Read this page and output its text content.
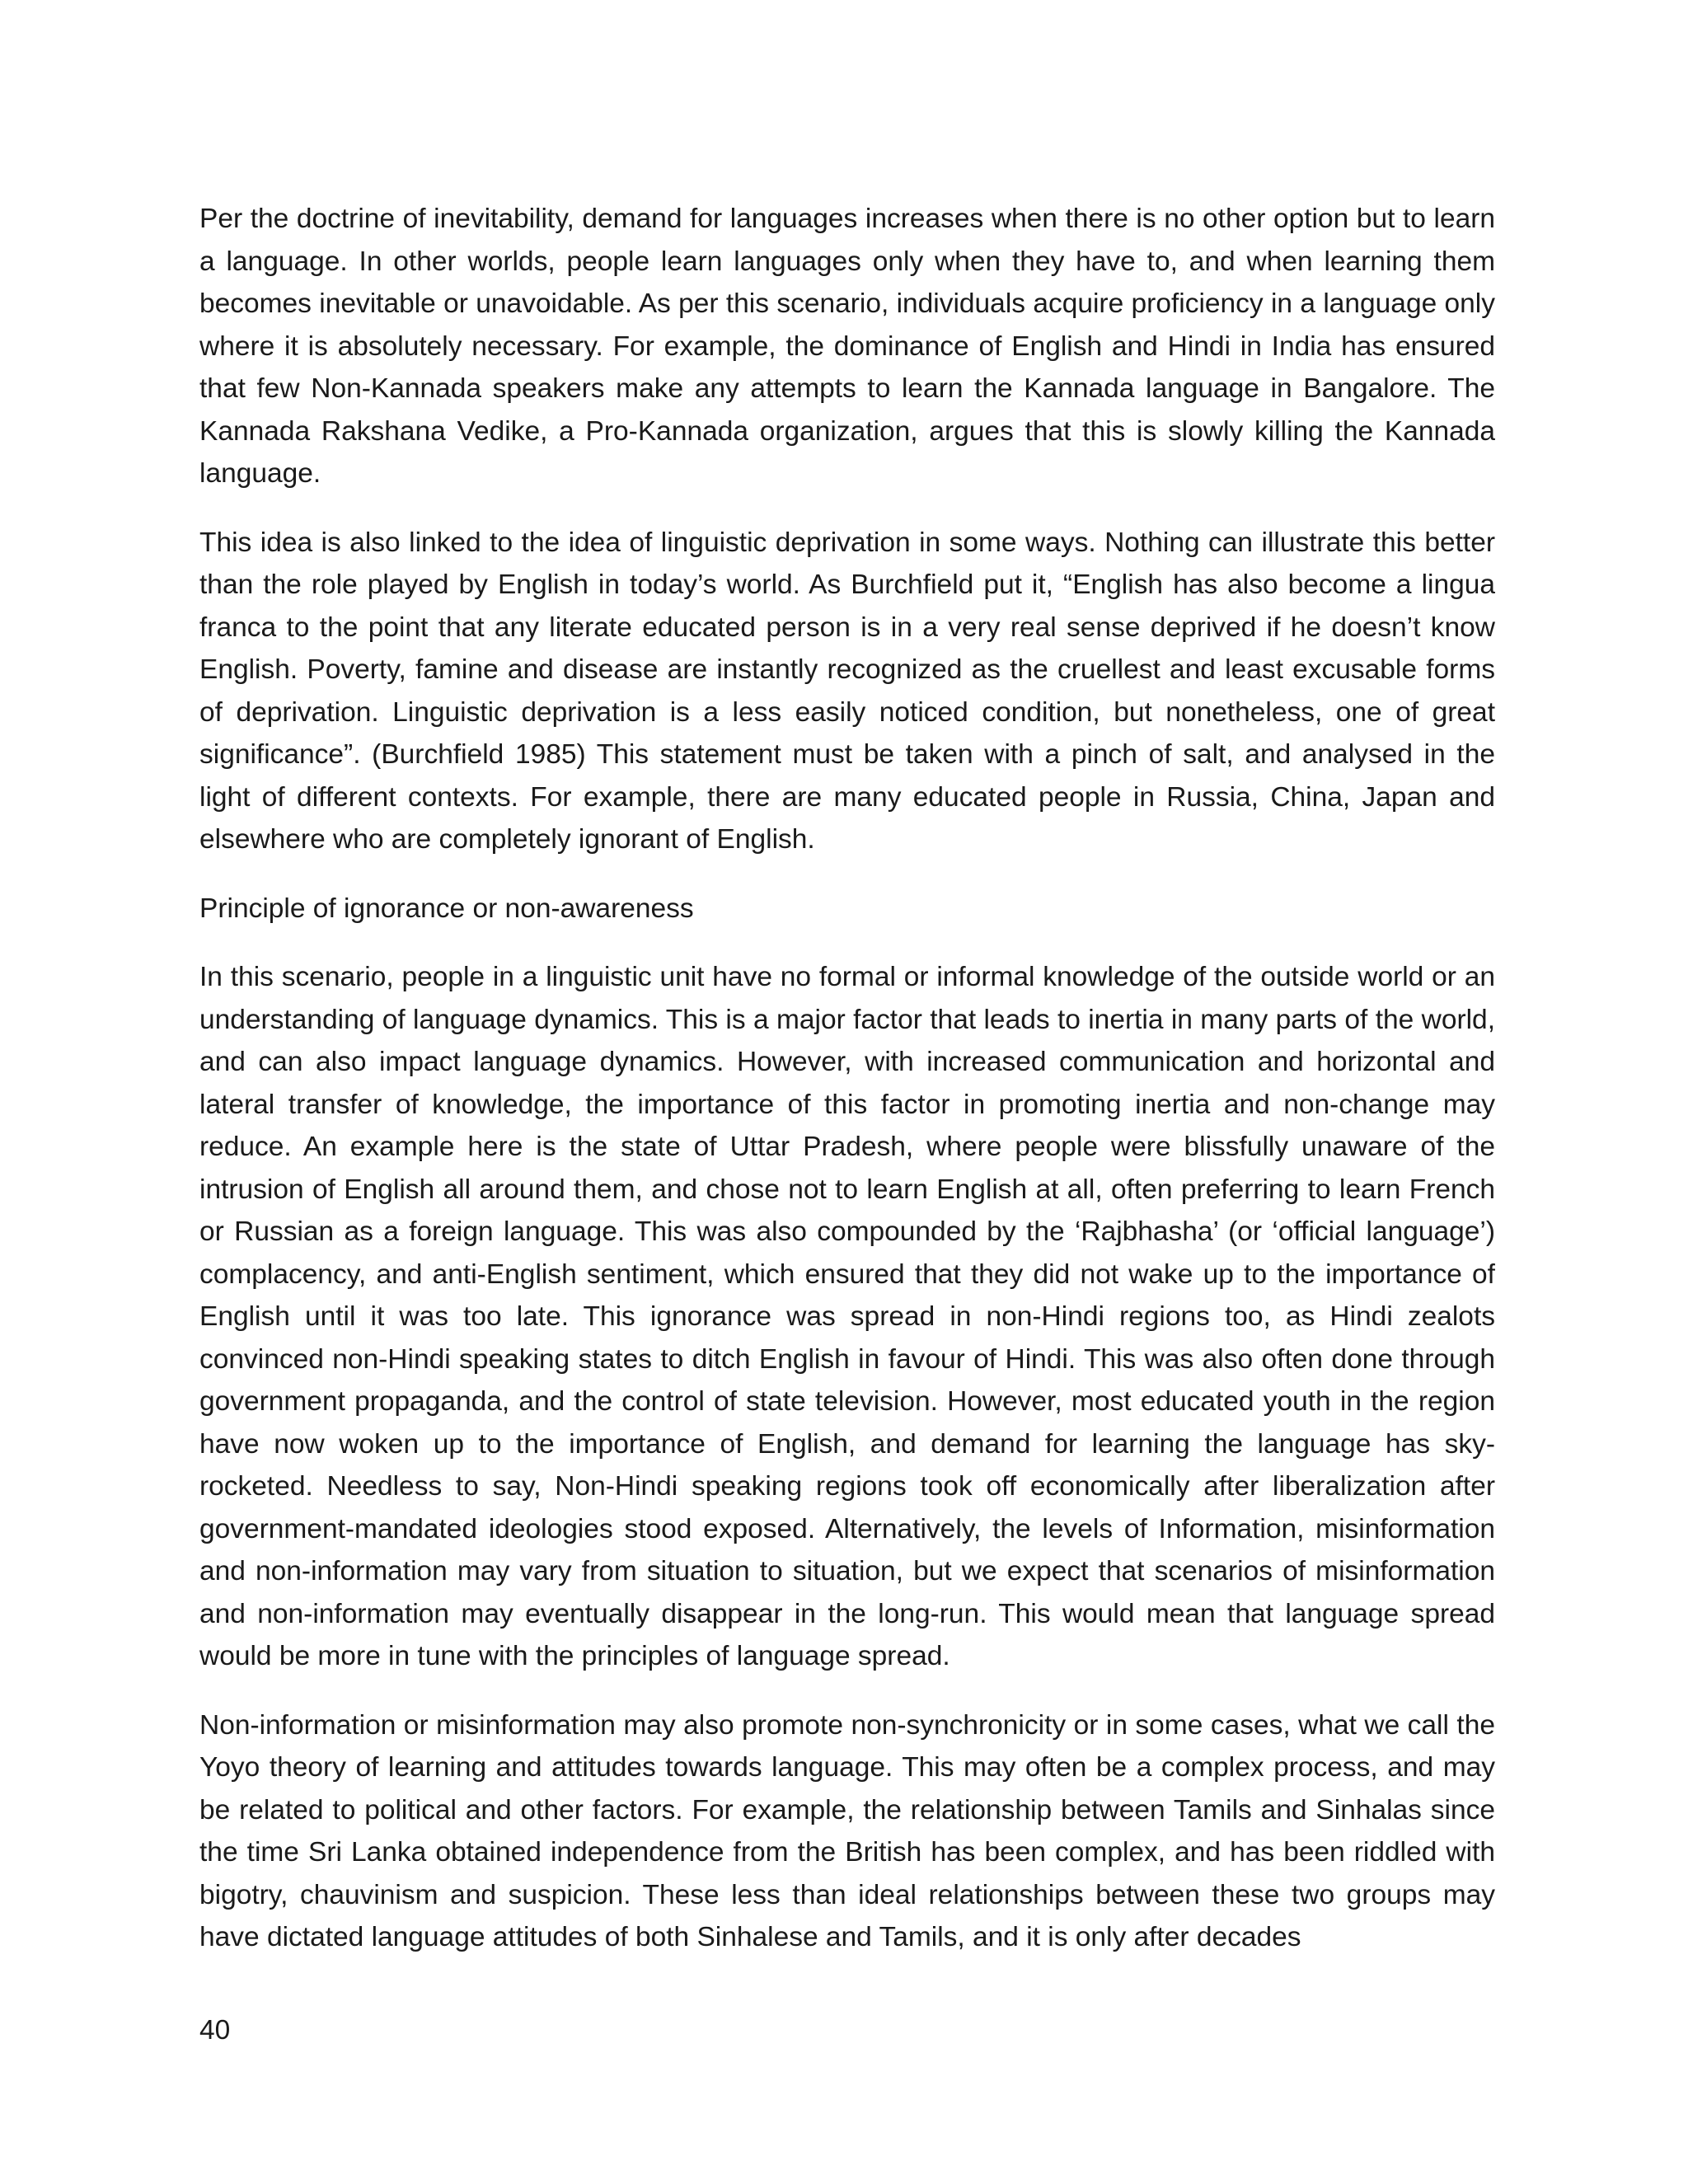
Per the doctrine of inevitability, demand for languages increases when there is no other option but to learn a language. In other worlds, people learn languages only when they have to, and when learning them becomes inevitable or unavoidable. As per this scenario, individuals acquire proficiency in a language only where it is absolutely necessary. For example, the dominance of English and Hindi in India has ensured that few Non-Kannada speakers make any attempts to learn the Kannada language in Bangalore. The Kannada Rakshana Vedike, a Pro-Kannada organization, argues that this is slowly killing the Kannada language.

This idea is also linked to the idea of linguistic deprivation in some ways. Nothing can illustrate this better than the role played by English in today’s world. As Burchfield put it, “English has also become a lingua franca to the point that any literate educated person is in a very real sense deprived if he doesn’t know English. Poverty, famine and disease are instantly recognized as the cruellest and least excusable forms of deprivation. Linguistic deprivation is a less easily noticed condition, but nonetheless, one of great significance”. (Burchfield 1985) This statement must be taken with a pinch of salt, and analysed in the light of different contexts. For example, there are many educated people in Russia, China, Japan and elsewhere who are completely ignorant of English.

Principle of ignorance or non-awareness

In this scenario, people in a linguistic unit have no formal or informal knowledge of the outside world or an understanding of language dynamics. This is a major factor that leads to inertia in many parts of the world, and can also impact language dynamics. However, with increased communication and horizontal and lateral transfer of knowledge, the importance of this factor in promoting inertia and non-change may reduce. An example here is the state of Uttar Pradesh, where people were blissfully unaware of the intrusion of English all around them, and chose not to learn English at all, often preferring to learn French or Russian as a foreign language. This was also compounded by the ‘Rajbhasha’ (or ‘official language’) complacency, and anti-English sentiment, which ensured that they did not wake up to the importance of English until it was too late. This ignorance was spread in non-Hindi regions too, as Hindi zealots convinced non-Hindi speaking states to ditch English in favour of Hindi. This was also often done through government propaganda, and the control of state television. However, most educated youth in the region have now woken up to the importance of English, and demand for learning the language has sky-rocketed. Needless to say, Non-Hindi speaking regions took off economically after liberalization after government-mandated ideologies stood exposed. Alternatively, the levels of Information, misinformation and non-information may vary from situation to situation, but we expect that scenarios of misinformation and non-information may eventually disappear in the long-run. This would mean that language spread would be more in tune with the principles of language spread.

Non-information or misinformation may also promote non-synchronicity or in some cases, what we call the Yoyo theory of learning and attitudes towards language. This may often be a complex process, and may be related to political and other factors. For example, the relationship between Tamils and Sinhalas since the time Sri Lanka obtained independence from the British has been complex, and has been riddled with bigotry, chauvinism and suspicion. These less than ideal relationships between these two groups may have dictated language attitudes of both Sinhalese and Tamils, and it is only after decades

40
